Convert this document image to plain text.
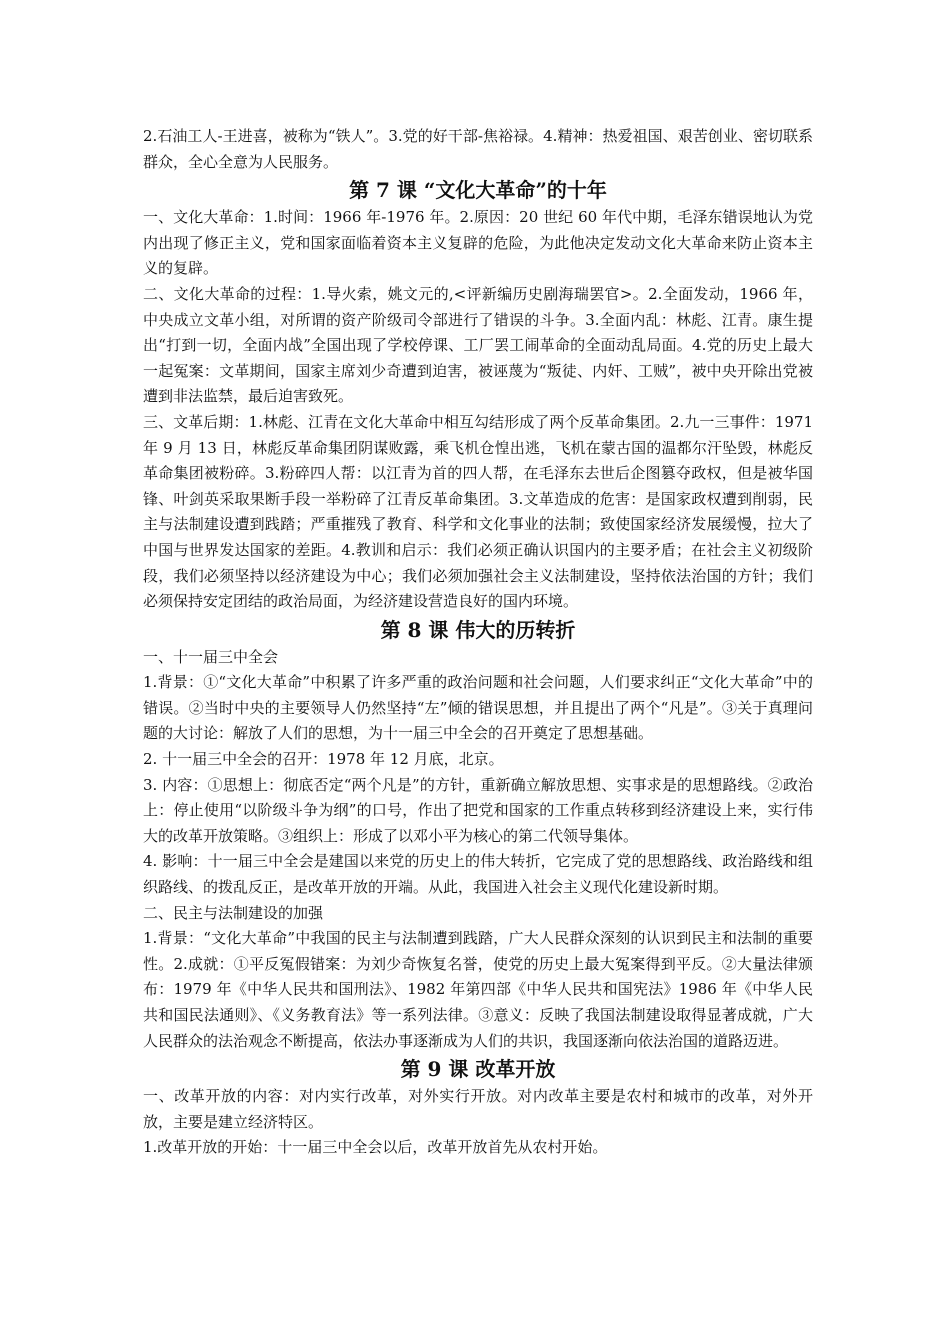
2.石油工人-王进喜，被称为“铁人”。3.党的好干部-焦裕禄。4.精神：热爱祖国、艰苦创业、密切联系群众，全心全意为人民服务。

第 7 课 “文化大革命”的十年

一、文化大革命：1.时间：1966 年-1976 年。2.原因：20 世纪 60 年代中期，毛泽东错误地认为党内出现了修正主义，党和国家面临着资本主义复辟的危险，为此他决定发动文化大革命来防止资本主义的复辟。

二、文化大革命的过程：1.导火索，姚文元的,<评新编历史剧海瑞罢官>。2.全面发动，1966 年，中央成立文革小组，对所谓的资产阶级司令部进行了错误的斗争。3.全面内乱：林彪、江青。康生提出“打到一切，全面内战”全国出现了学校停课、工厂罢工闹革命的全面动乱局面。4.党的历史上最大一起冤案：文革期间，国家主席刘少奇遭到迫害，被诬蔑为“叛徒、内奸、工贼”，被中央开除出党被遭到非法监禁，最后迫害致死。

三、文革后期：1.林彪、江青在文化大革命中相互勾结形成了两个反革命集团。2.九一三事件：1971 年 9 月 13 日，林彪反革命集团阴谋败露，乘飞机仓惶出逃，飞机在蒙古国的温都尔汗坠毁，林彪反革命集团被粉碎。3.粉碎四人帮：以江青为首的四人帮，在毛泽东去世后企图篡夺政权，但是被华国锋、叶剑英采取果断手段一举粉碎了江青反革命集团。3.文革造成的危害：是国家政权遭到削弱，民主与法制建设遭到践踏；严重摧残了教育、科学和文化事业的法制；致使国家经济发展缓慢，拉大了中国与世界发达国家的差距。4.教训和启示：我们必须正确认识国内的主要矛盾；在社会主义初级阶段，我们必须坚持以经济建设为中心；我们必须加强社会主义法制建设，坚持依法治国的方针；我们必须保持安定团结的政治局面，为经济建设营造良好的国内环境。

第 8 课 伟大的历转折

一、十一届三中全会

1.背景：①“文化大革命”中积累了许多严重的政治问题和社会问题，人们要求纠正“文化大革命”中的错误。②当时中央的主要领导人仍然坚持“左”倾的错误思想，并且提出了两个“凡是”。③关于真理问题的大讨论：解放了人们的思想，为十一届三中全会的召开奠定了思想基础。

2. 十一届三中全会的召开：1978 年 12 月底，北京。

3. 内容：①思想上：彻底否定“两个凡是”的方针，重新确立解放思想、实事求是的思想路线。②政治上：停止使用“以阶级斗争为纲”的口号，作出了把党和国家的工作重点转移到经济建设上来，实行伟大的改革开放策略。③组织上：形成了以邓小平为核心的第二代领导集体。

4. 影响：十一届三中全会是建国以来党的历史上的伟大转折，它完成了党的思想路线、政治路线和组织路线、的拨乱反正，是改革开放的开端。从此，我国进入社会主义现代化建设新时期。

二、民主与法制建设的加强

1.背景：“文化大革命”中我国的民主与法制遭到践踏，广大人民群众深刻的认识到民主和法制的重要性。2.成就：①平反冤假错案：为刘少奇恢复名誉，使党的历史上最大冤案得到平反。②大量法律颁布：1979 年《中华人民共和国刑法》、1982 年第四部《中华人民共和国宪法》1986 年《中华人民共和国民法通则》、《义务教育法》等一系列法律。③意义：反映了我国法制建设取得显著成就，广大人民群众的法治观念不断提高，依法办事逐渐成为人们的共识，我国逐渐向依法治国的道路迈进。

第 9 课 改革开放

一、改革开放的内容：对内实行改革，对外实行开放。对内改革主要是农村和城市的改革，对外开放，主要是建立经济特区。

1.改革开放的开始：十一届三中全会以后，改革开放首先从农村开始。
